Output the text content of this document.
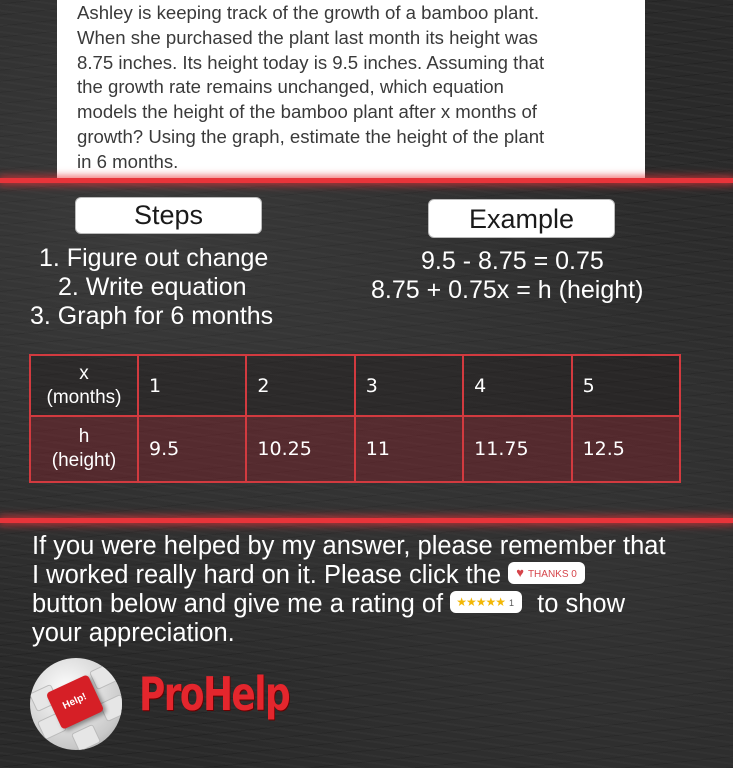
Ashley is keeping track of the growth of a bamboo plant.
When she purchased the plant last month its height was
8.75 inches. Its height today is 9.5 inches. Assuming that
the growth rate remains unchanged, which equation
models the height of the bamboo plant after x months of
growth? Using the graph, estimate the height of the plant
in 6 months.

Steps	Example
1. Figure out change
2. Write equation
3. Graph for 6 months
9.5 - 8.75 = 0.75
8.75 + 0.75x = h (height)
x
(months)	1	2	3	4	5

h
(height)	9.5	10.25	11	11.75	12.5
If you were helped by my answer, please remember that
I worked really hard on it. Please click the ♥ THANKS 0
button below and give me a rating of ★★★★★ 1 to show
your appreciation.
Help!	ProHelp
